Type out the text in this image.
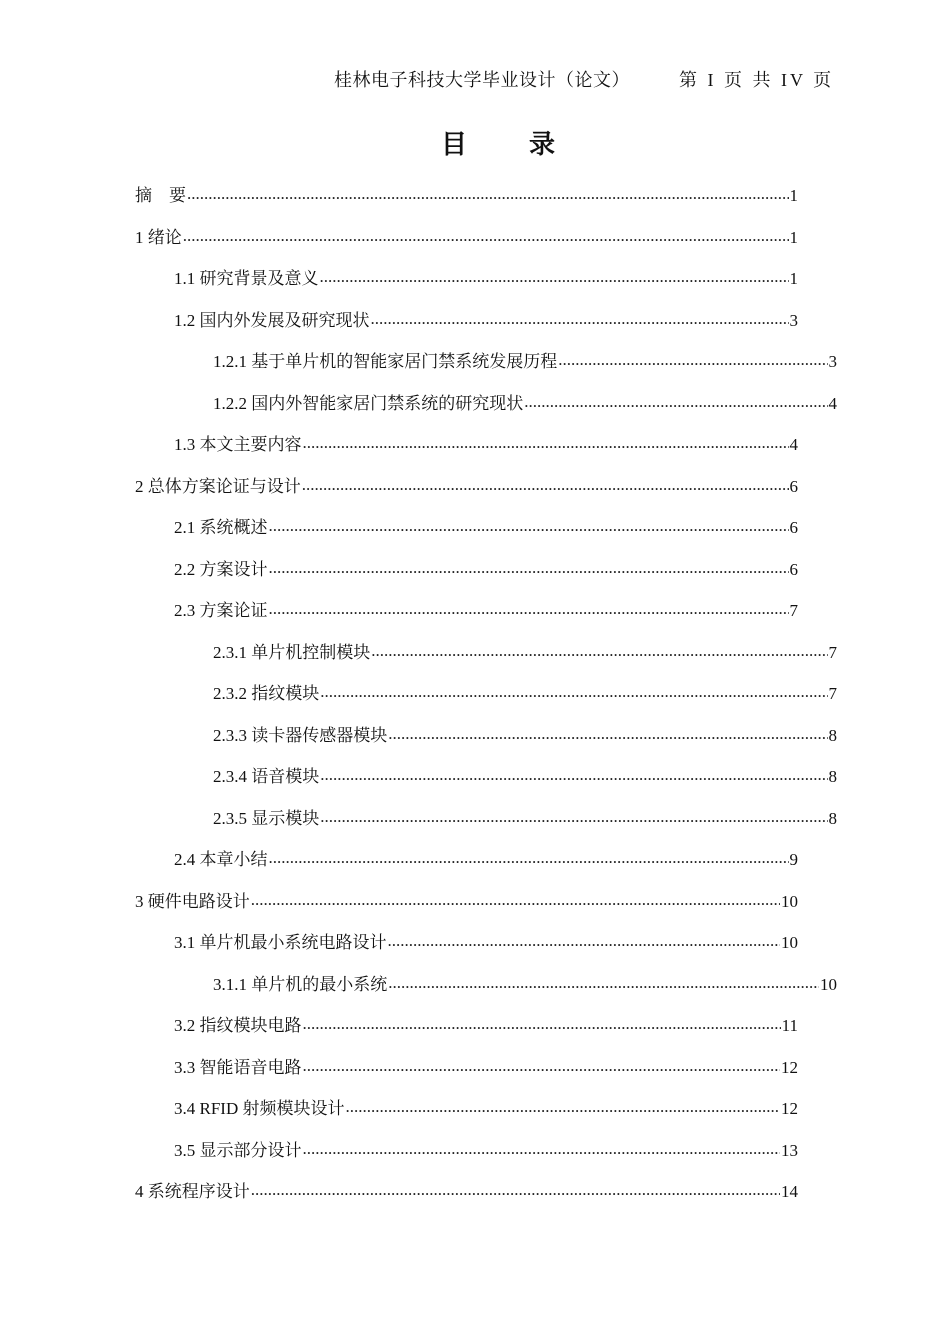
桂林电子科技大学毕业设计（论文）	第 I 页 共 IV 页
目　录
摘　要 .....	1
1 绪论 .....	1
1.1 研究背景及意义 .....	1
1.2 国内外发展及研究现状 .....	3
1.2.1 基于单片机的智能家居门禁系统发展历程 .....	3
1.2.2 国内外智能家居门禁系统的研究现状 .....	4
1.3 本文主要内容 .....	4
2 总体方案论证与设计 .....	6
2.1 系统概述 .....	6
2.2 方案设计 .....	6
2.3 方案论证 .....	7
2.3.1 单片机控制模块 .....	7
2.3.2 指纹模块 .....	7
2.3.3 读卡器传感器模块 .....	8
2.3.4 语音模块 .....	8
2.3.5 显示模块 .....	8
2.4 本章小结 .....	9
3 硬件电路设计 .....	10
3.1 单片机最小系统电路设计 .....	10
3.1.1 单片机的最小系统 .....	10
3.2 指纹模块电路 .....	11
3.3 智能语音电路 .....	12
3.4 RFID 射频模块设计 .....	12
3.5 显示部分设计 .....	13
4 系统程序设计 .....	14
